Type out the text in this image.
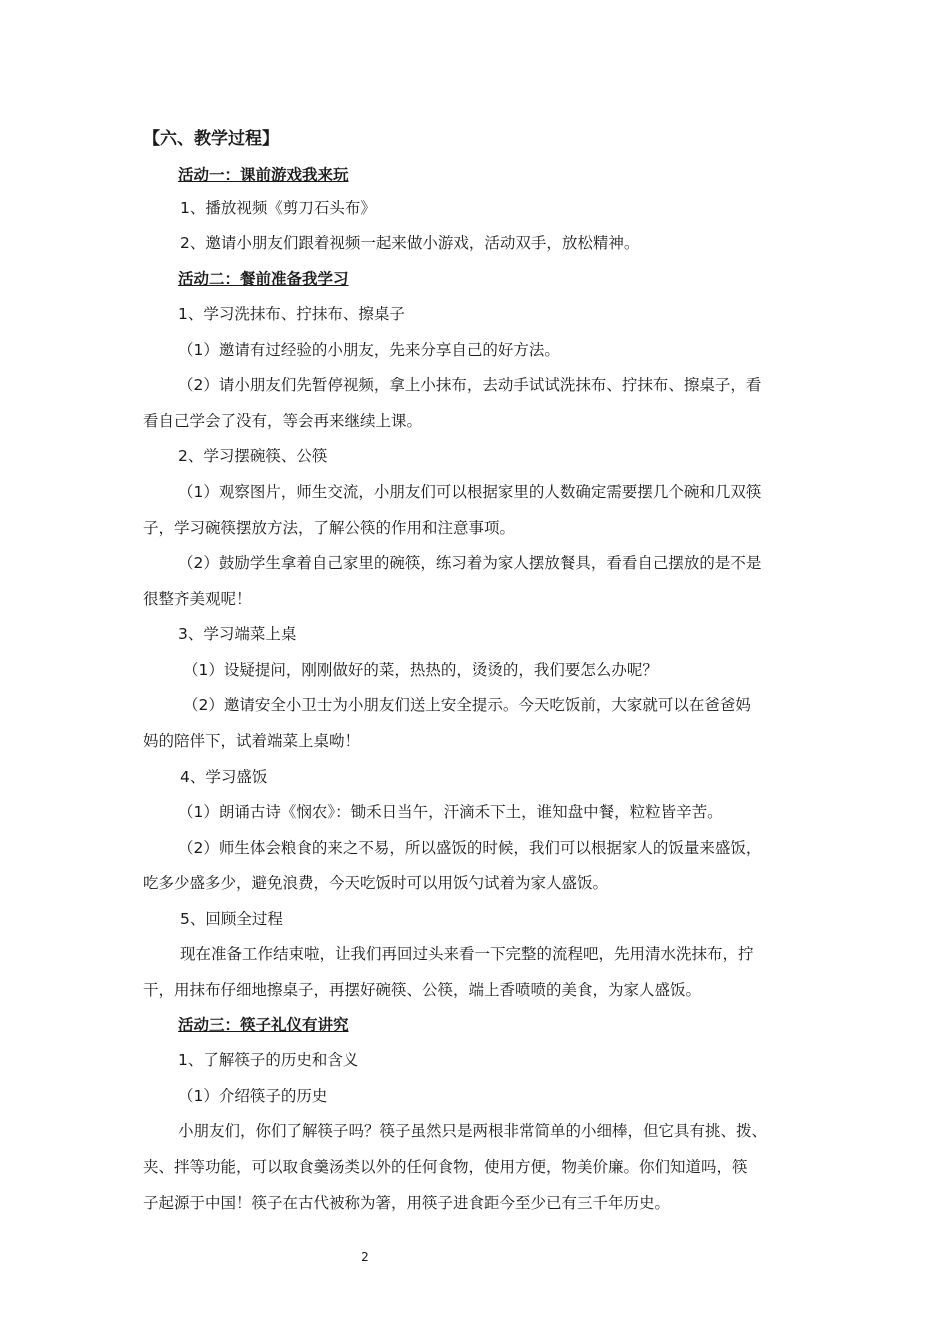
【六、教学过程】
活动一：课前游戏我来玩
1、播放视频《剪刀石头布》
2、邀请小朋友们跟着视频一起来做小游戏，活动双手，放松精神。
活动二：餐前准备我学习
1、学习洗抹布、拧抹布、擦桌子
（1）邀请有过经验的小朋友，先来分享自己的好方法。
（2）请小朋友们先暂停视频，拿上小抹布，去动手试试洗抹布、拧抹布、擦桌子，看
看自己学会了没有，等会再来继续上课。
2、学习摆碗筷、公筷
（1）观察图片，师生交流，小朋友们可以根据家里的人数确定需要摆几个碗和几双筷
子，学习碗筷摆放方法，了解公筷的作用和注意事项。
（2）鼓励学生拿着自己家里的碗筷，练习着为家人摆放餐具，看看自己摆放的是不是
很整齐美观呢！
3、学习端菜上桌
（1）设疑提问，刚刚做好的菜，热热的，烫烫的，我们要怎么办呢？
（2）邀请安全小卫士为小朋友们送上安全提示。今天吃饭前，大家就可以在爸爸妈
妈的陪伴下，试着端菜上桌呦！
4、学习盛饭
（1）朗诵古诗《悯农》：锄禾日当午，汗滴禾下土，谁知盘中餐，粒粒皆辛苦。
（2）师生体会粮食的来之不易，所以盛饭的时候，我们可以根据家人的饭量来盛饭，
吃多少盛多少，避免浪费，今天吃饭时可以用饭勺试着为家人盛饭。
5、回顾全过程
现在准备工作结束啦，让我们再回过头来看一下完整的流程吧，先用清水洗抹布，拧
干，用抹布仔细地擦桌子，再摆好碗筷、公筷，端上香喷喷的美食，为家人盛饭。
活动三：筷子礼仪有讲究
1、了解筷子的历史和含义
（1）介绍筷子的历史
小朋友们，你们了解筷子吗？筷子虽然只是两根非常简单的小细棒，但它具有挑、拨、
夹、拌等功能，可以取食羹汤类以外的任何食物，使用方便，物美价廉。你们知道吗，筷
子起源于中国！筷子在古代被称为箸，用筷子进食距今至少已有三千年历史。
2
